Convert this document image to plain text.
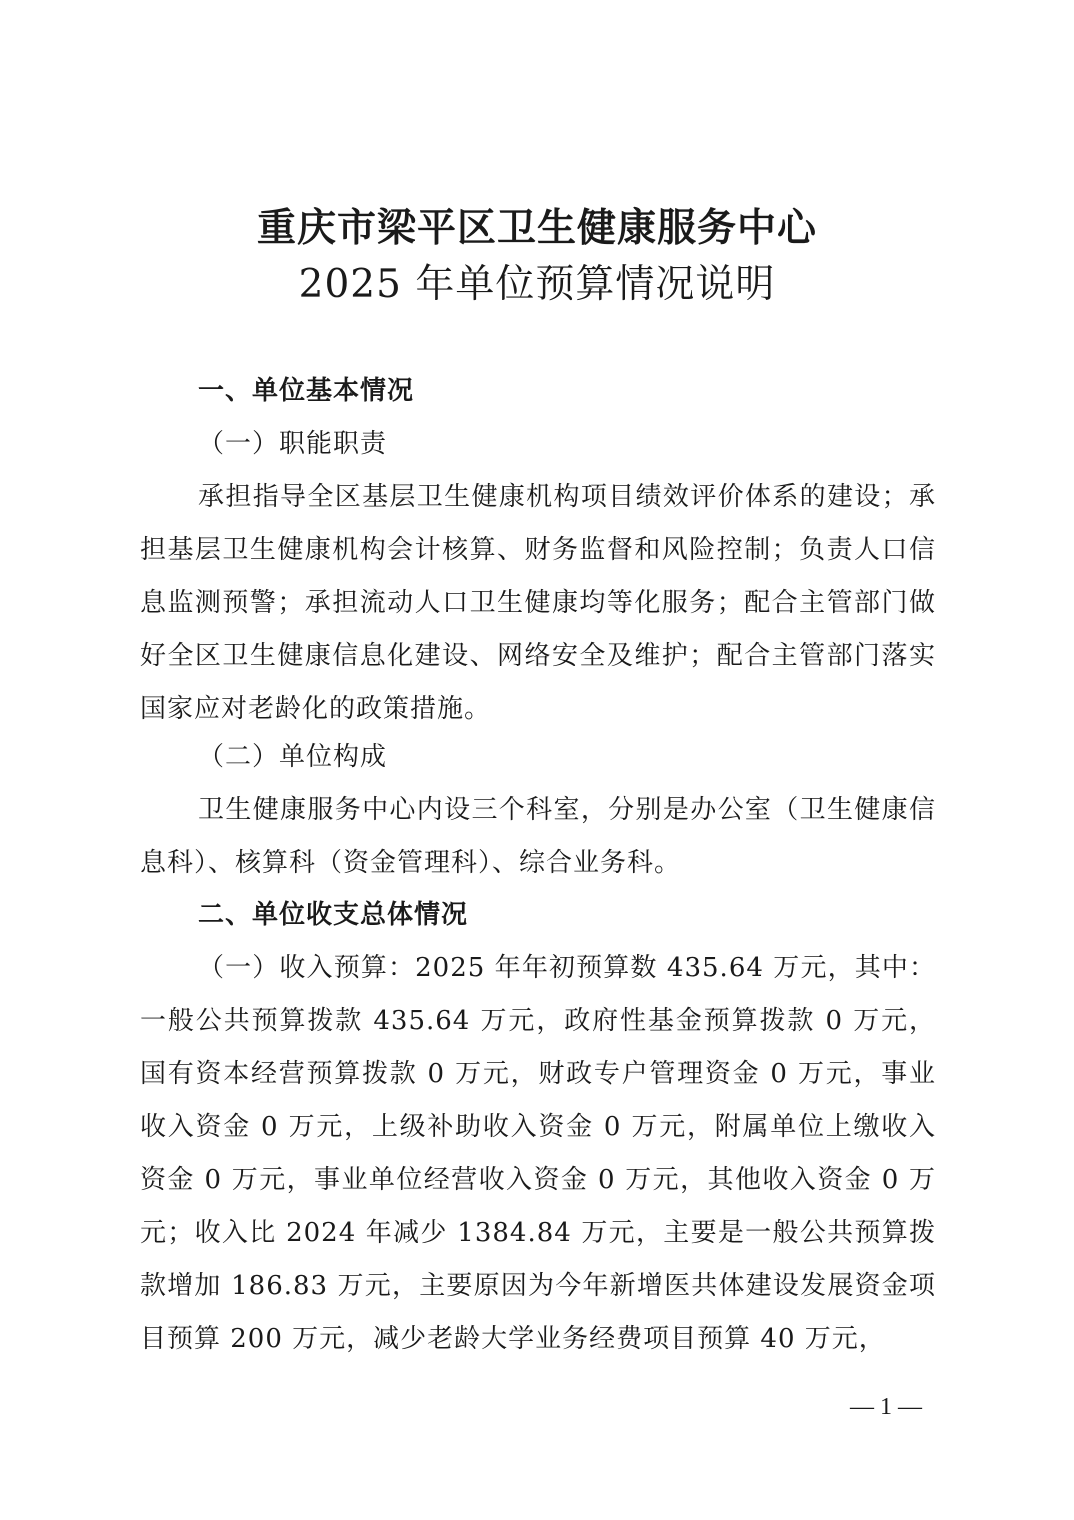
重庆市梁平区卫生健康服务中心
2025 年单位预算情况说明
一、单位基本情况
（一）职能职责
承担指导全区基层卫生健康机构项目绩效评价体系的建设；承担基层卫生健康机构会计核算、财务监督和风险控制；负责人口信息监测预警；承担流动人口卫生健康均等化服务；配合主管部门做好全区卫生健康信息化建设、网络安全及维护；配合主管部门落实国家应对老龄化的政策措施。
（二）单位构成
卫生健康服务中心内设三个科室，分别是办公室（卫生健康信息科）、核算科（资金管理科）、综合业务科。
二、单位收支总体情况
（一）收入预算：2025 年年初预算数 435.64 万元，其中：一般公共预算拨款 435.64 万元，政府性基金预算拨款 0 万元，国有资本经营预算拨款 0 万元，财政专户管理资金 0 万元，事业收入资金 0 万元，上级补助收入资金 0 万元，附属单位上缴收入资金 0 万元，事业单位经营收入资金 0 万元，其他收入资金 0 万元；收入比 2024 年减少 1384.84 万元，主要是一般公共预算拨款增加 186.83 万元，主要原因为今年新增医共体建设发展资金项目预算 200 万元，减少老龄大学业务经费项目预算 40 万元，
— 1 —
